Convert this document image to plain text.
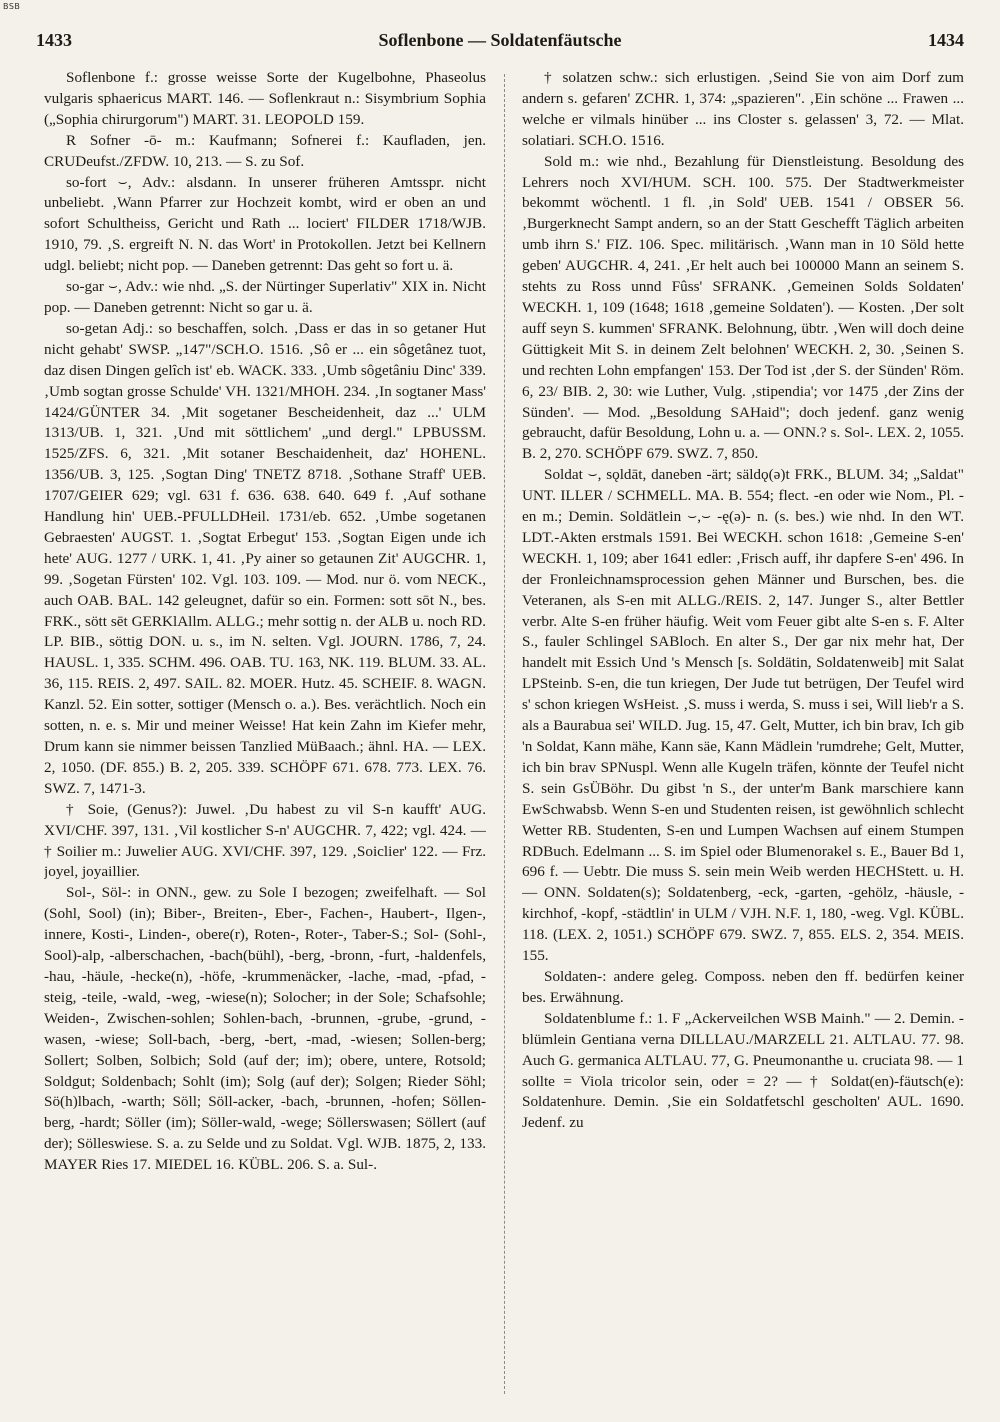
BSB
1433	Soflenbone — Soldatenfäutsche	1434

Soflenbone f.: grosse weisse Sorte der Kugelbohne, Phaseolus vulgaris sphaericus MART. 146. — Soflenkraut n.: Sisymbrium Sophia („Sophia chirurgorum") MART. 31. LEOPOLD 159.

R Sofner -ō- m.: Kaufmann; Sofnerei f.: Kaufladen, jen. CRUDeufst./ZFDW. 10, 213. — S. zu Sof.

so-fort ⌣, Adv.: alsdann. In unserer früheren Amtsspr. nicht unbeliebt. ‚Wann Pfarrer zur Hochzeit kombt, wird er oben an und sofort Schultheiss, Gericht und Rath ... lociert' FILDER 1718/WJB. 1910, 79. ‚S. ergreift N. N. das Wort' in Protokollen. Jetzt bei Kellnern udgl. beliebt; nicht pop. — Daneben getrennt: Das geht so fort u. ä.

so-gar ⌣, Adv.: wie nhd. „S. der Nürtinger Superlativ" XIX in. Nicht pop. — Daneben getrennt: Nicht so gar u. ä.

so-getan Adj.: so beschaffen, solch. ‚Dass er das in so getaner Hut nicht gehabt' SWSP. „147"/SCH.O. 1516. ‚Sô er ... ein sôgetânez tuot, daz disen Dingen gelîch ist' eb. WACK. 333. ‚Umb sôgetâniu Dinc' 339. ‚Umb sogtan grosse Schulde' VH. 1321/MHOH. 234. ‚In sogtaner Mass' 1424/GÜNTER 34. ‚Mit sogetaner Bescheidenheit, daz ...' ULM 1313/UB. 1, 321. ‚Und mit söttlichem' „und dergl." LPBUSSM. 1525/ZFS. 6, 321. ‚Mit sotaner Beschaidenheit, daz' HOHENL. 1356/UB. 3, 125. ‚Sogtan Ding' TNETZ 8718. ‚Sothane Straff' UEB. 1707/GEIER 629; vgl. 631 f. 636. 638. 640. 649 f. ‚Auf sothane Handlung hin' UEB.-PFULLDHeil. 1731/eb. 652. ‚Umbe sogetanen Gebraesten' AUGST. 1. ‚Sogtat Erbegut' 153. ‚Sogtan Eigen unde ich hete' AUG. 1277 / URK. 1, 41. ‚Py ainer so getaunen Zit' AUGCHR. 1, 99. ‚Sogetan Fürsten' 102. Vgl. 103. 109. — Mod. nur ö. vom NECK., auch OAB. BAL. 142 geleugnet, dafür so ein. Formen: sott sōt N., bes. FRK., sött sēt GERKlAllm. ALLG.; mehr sottig n. der ALB u. noch RD. LP. BIB., söttig DON. u. s., im N. selten. Vgl. JOURN. 1786, 7, 24. HAUSL. 1, 335. SCHM. 496. OAB. TU. 163, NK. 119. BLUM. 33. AL. 36, 115. REIS. 2, 497. SAIL. 82. MOER. Hutz. 45. SCHEIF. 8. WAGN. Kanzl. 52. Ein sotter, sottiger (Mensch o. a.). Bes. verächtlich. Noch ein sotten, n. e. s. Mir und meiner Weisse! Hat kein Zahn im Kiefer mehr, Drum kann sie nimmer beissen Tanzlied MüBaach.; ähnl. HA. — LEX. 2, 1050. (DF. 855.) B. 2, 205. 339. SCHÖPF 671. 678. 773. LEX. 76. SWZ. 7, 1471-3.

† Soie, (Genus?): Juwel. ‚Du habest zu vil S-n kaufft' AUG. XVI/CHF. 397, 131. ‚Vil kostlicher S-n' AUGCHR. 7, 422; vgl. 424. — † Soilier m.: Juwelier AUG. XVI/CHF. 397, 129. ‚Soiclier' 122. — Frz. joyel, joyaillier.

Sol-, Söl-: in ONN., gew. zu Sole I bezogen; zweifelhaft. — Sol (Sohl, Sool) (in); Biber-, Breiten-, Eber-, Fachen-, Haubert-, Ilgen-, innere, Kosti-, Linden-, obere(r), Roten-, Roter-, Taber-S.; Sol- (Sohl-, Sool)-alp, -alberschachen, -bach(bühl), -berg, -bronn, -furt, -haldenfels, -hau, -häule, -hecke(n), -höfe, -krummenäcker, -lache, -mad, -pfad, -steig, -teile, -wald, -weg, -wiese(n); Solocher; in der Sole; Schafsohle; Weiden-, Zwischen-sohlen; Sohlen-bach, -brunnen, -grube, -grund, -wasen, -wiese; Soll-bach, -berg, -bert, -mad, -wiesen; Sollen-berg; Sollert; Solben, Solbich; Sold (auf der; im); obere, untere, Rotsold; Soldgut; Soldenbach; Sohlt (im); Solg (auf der); Solgen; Rieder Söhl; Sö(h)lbach, -warth; Söll; Söll-acker, -bach, -brunnen, -hofen; Söllen-berg, -hardt; Söller (im); Söller-wald, -wege; Söllerswasen; Söllert (auf der); Sölleswiese. S. a. zu Selde und zu Soldat. Vgl. WJB. 1875, 2, 133. MAYER Ries 17. MIEDEL 16. KÜBL. 206. S. a. Sul-.

† solatzen schw.: sich erlustigen. ‚Seind Sie von aim Dorf zum andern s. gefaren' ZCHR. 1, 374: „spazieren". ‚Ein schöne ... Frawen ... welche er vilmals hinüber ... ins Closter s. gelassen' 3, 72. — Mlat. solatiari. SCH.O. 1516.

Sold m.: wie nhd., Bezahlung für Dienstleistung. Besoldung des Lehrers noch XVI/HUM. SCH. 100. 575. Der Stadtwerkmeister bekommt wöchentl. 1 fl. ‚in Sold' UEB. 1541 / OBSER 56. ‚Burgerknecht Sampt andern, so an der Statt Geschefft Täglich arbeiten umb ihrn S.' FIZ. 106. Spec. militärisch. ‚Wann man in 10 Söld hette geben' AUGCHR. 4, 241. ‚Er helt auch bei 100000 Mann an seinem S. stehts zu Ross unnd Fûss' SFRANK. ‚Gemeinen Solds Soldaten' WECKH. 1, 109 (1648; 1618 ‚gemeine Soldaten'). — Kosten. ‚Der solt auff seyn S. kummen' SFRANK. Belohnung, übtr. ‚Wen will doch deine Güttigkeit Mit S. in deinem Zelt belohnen' WECKH. 2, 30. ‚Seinen S. und rechten Lohn empfangen' 153. Der Tod ist ‚der S. der Sünden' Röm. 6, 23/ BIB. 2, 30: wie Luther, Vulg. ‚stipendia'; vor 1475 ‚der Zins der Sünden'. — Mod. „Besoldung SAHaid"; doch jedenf. ganz wenig gebraucht, dafür Besoldung, Lohn u. a. — ONN.? s. Sol-. LEX. 2, 1055. B. 2, 270. SCHÖPF 679. SWZ. 7, 850.

Soldat ⌣, sǫldāt, daneben -ärt; säldǫ(ə)t FRK., BLUM. 34; „Saldat" UNT. ILLER / SCHMELL. MA. B. 554; flect. -en oder wie Nom., Pl. -en m.; Demin. Soldätlein ⌣,⌣ -ę(ə)- n. (s. bes.) wie nhd. In den WT. LDT.-Akten erstmals 1591. Bei WECKH. schon 1618: ‚Gemeine S-en' WECKH. 1, 109; aber 1641 edler: ‚Frisch auff, ihr dapfere S-en' 496. In der Fronleichnamsprocession gehen Männer und Burschen, bes. die Veteranen, als S-en mit ALLG./REIS. 2, 147. Junger S., alter Bettler verbr. Alte S-en früher häufig. Weit vom Feuer gibt alte S-en s. F. Alter S., fauler Schlingel SABloch. En alter S., Der gar nix mehr hat, Der handelt mit Essich Und 's Mensch [s. Soldätin, Soldatenweib] mit Salat LPSteinb. S-en, die tun kriegen, Der Jude tut betrügen, Der Teufel wird s' schon kriegen WsHeist. ‚S. muss i werda, S. muss i sei, Will lieb'r a S. als a Baurabua sei' WILD. Jug. 15, 47. Gelt, Mutter, ich bin brav, Ich gib 'n Soldat, Kann mähe, Kann säe, Kann Mädlein 'rumdrehe; Gelt, Mutter, ich bin brav SPNuspl. Wenn alle Kugeln träfen, könnte der Teufel nicht S. sein GsÜBöhr. Du gibst 'n S., der unter'm Bank marschiere kann EwSchwabsb. Wenn S-en und Studenten reisen, ist gewöhnlich schlecht Wetter RB. Studenten, S-en und Lumpen Wachsen auf einem Stumpen RDBuch. Edelmann ... S. im Spiel oder Blumenorakel s. E., Bauer Bd 1, 696 f. — Uebtr. Die muss S. sein mein Weib werden HECHStett. u. H. — ONN. Soldaten(s); Soldatenberg, -eck, -garten, -gehölz, -häusle, -kirchhof, -kopf, -städtlin' in ULM / VJH. N.F. 1, 180, -weg. Vgl. KÜBL. 118. (LEX. 2, 1051.) SCHÖPF 679. SWZ. 7, 855. ELS. 2, 354. MEIS. 155.

Soldaten-: andere geleg. Composs. neben den ff. bedürfen keiner bes. Erwähnung.

Soldatenblume f.: 1. F „Ackerveilchen WSB Mainh." — 2. Demin. -blümlein Gentiana verna DILLLAU./MARZELL 21. ALTLAU. 77. 98. Auch G. germanica ALTLAU. 77, G. Pneumonanthe u. cruciata 98. — 1 sollte = Viola tricolor sein, oder = 2? — † Soldat(en)-fäutsch(e): Soldatenhure. Demin. ‚Sie ein Soldatfetschl gescholten' AUL. 1690. Jedenf. zu
